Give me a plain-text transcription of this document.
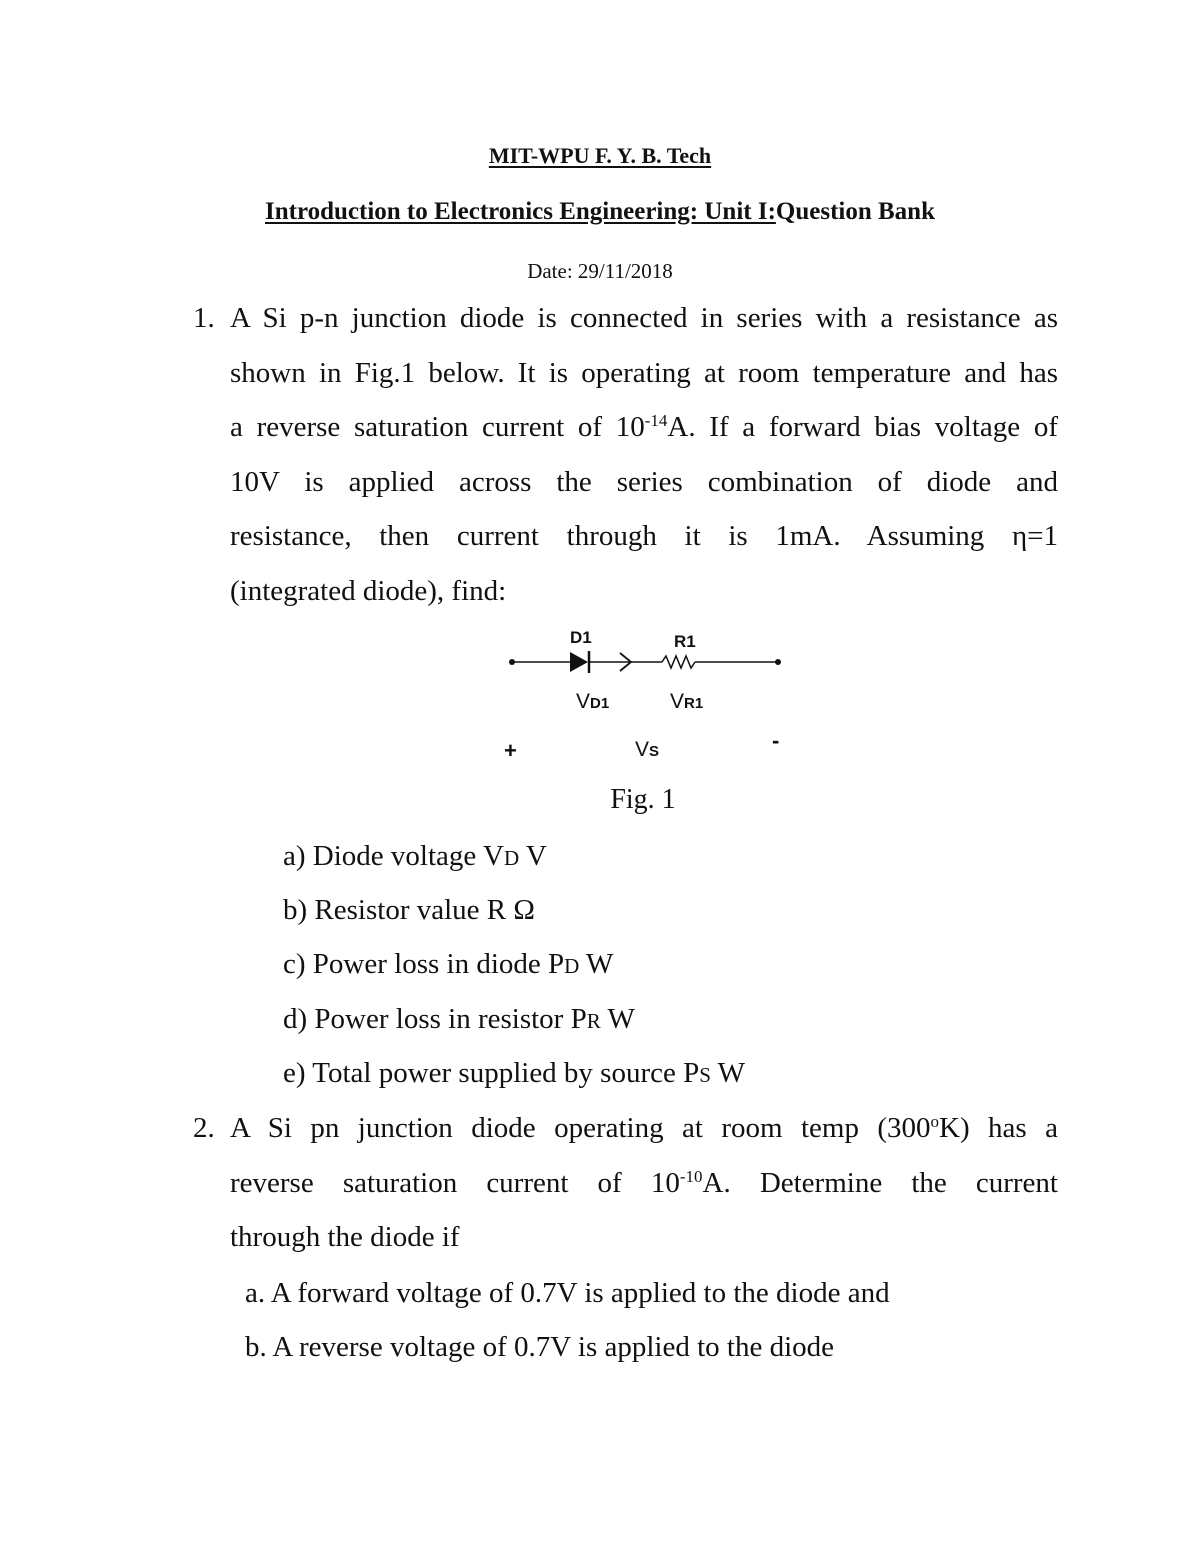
MIT-WPU F. Y. B. Tech
Introduction to Electronics Engineering: Unit I:Question Bank
Date: 29/11/2018
1. A Si p-n junction diode is connected in series with a resistance as
shown in Fig.1 below. It is operating at room temperature and has
a reverse saturation current of $10^{-14}A$. If a forward bias voltage of
10V is applied across the series combination of diode and
resistance, then current through it is 1mA. Assuming η=1
(integrated diode), find:
D1	R1
VD1	VR1
+	VS	-
Fig. 1
a) Diode voltage VD V
b) Resistor value R Ω
c) Power loss in diode PD W
d) Power loss in resistor PR W
e) Total power supplied by source PS W
2. A Si pn junction diode operating at room temp (300$^o$K) has a
reverse saturation current of $10^{-10}A$. Determine the current
through the diode if
a. A forward voltage of 0.7V is applied to the diode and
b. A reverse voltage of 0.7V is applied to the diode
